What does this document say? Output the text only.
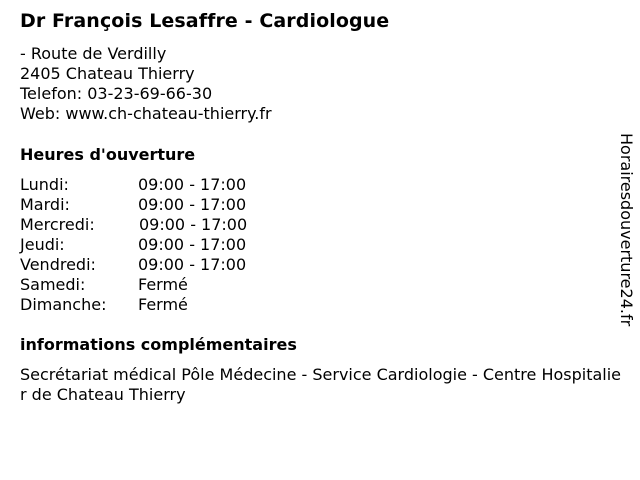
Dr François Lesaffre - Cardiologue
- Route de Verdilly
2405 Chateau Thierry
Telefon: 03-23-69-66-30
Web: www.ch-chateau-thierry.fr
Heures d'ouverture
Lundi:	09:00 - 17:00
Mardi:	09:00 - 17:00
Mercredi:	09:00 - 17:00
Jeudi:	09:00 - 17:00
Vendredi:	09:00 - 17:00
Samedi:	Fermé
Dimanche: Fermé
informations complémentaires
Secrétariat médical Pôle Médecine - Service Cardiologie - Centre Hospitalier de Chateau Thierry
Horairesdouverture24.fr
